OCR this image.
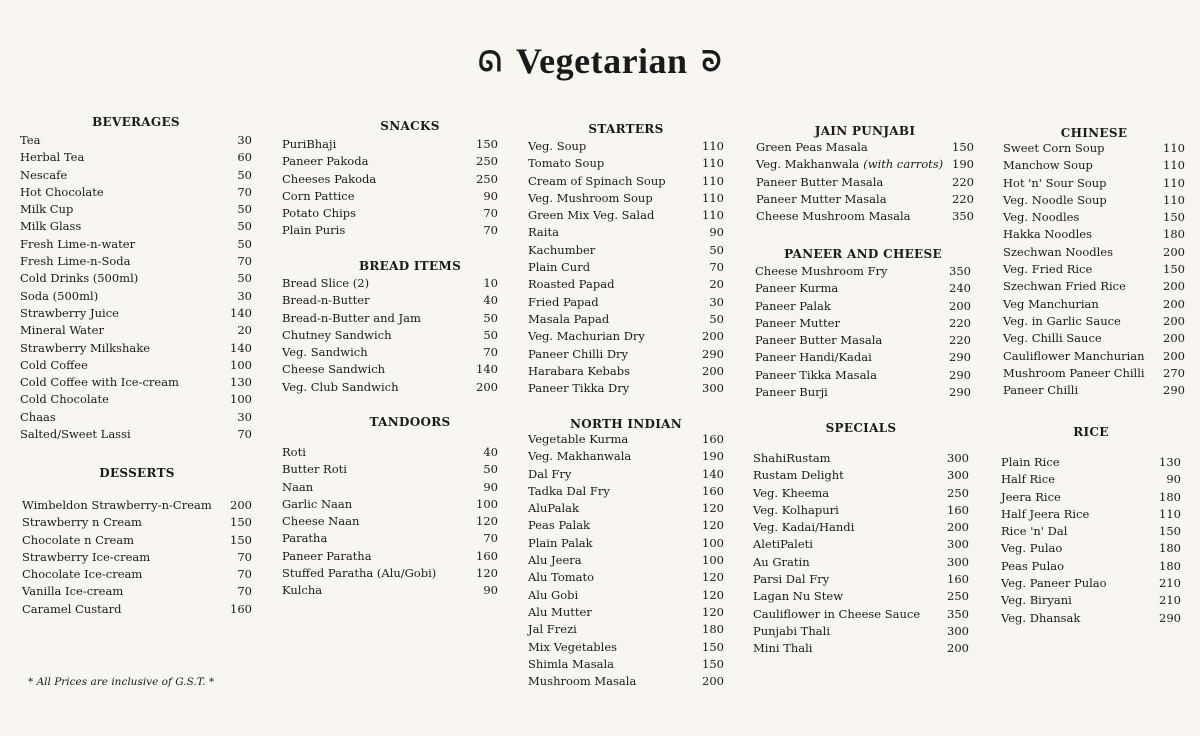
ᘏ Vegetarian ᘐ
BEVERAGES
Tea	30
Herbal Tea	60
Nescafe	50
Hot Chocolate	70
Milk Cup	50
Milk Glass	50
Fresh Lime-n-water	50
Fresh Lime-n-Soda	70
Cold Drinks (500ml)	50
Soda (500ml)	30
Strawberry Juice	140
Mineral Water	20
Strawberry Milkshake	140
Cold Coffee	100
Cold Coffee with Ice-cream	130
Cold Chocolate	100
Chaas	30
Salted/Sweet Lassi	70
DESSERTS
Wimbeldon Strawberry-n-Cream	200
Strawberry n Cream	150
Chocolate n Cream	150
Strawberry Ice-cream	70
Chocolate Ice-cream	70
Vanilla Ice-cream	70
Caramel Custard	160
SNACKS
PuriBhaji	150
Paneer Pakoda	250
Cheeses Pakoda	250
Corn Pattice	90
Potato Chips	70
Plain Puris	70
BREAD ITEMS
Bread Slice (2)	10
Bread-n-Butter	40
Bread-n-Butter and Jam	50
Chutney Sandwich	50
Veg. Sandwich	70
Cheese Sandwich	140
Veg. Club Sandwich	200
TANDOORS
Roti	40
Butter Roti	50
Naan	90
Garlic Naan	100
Cheese Naan	120
Paratha	70
Paneer Paratha	160
Stuffed Paratha (Alu/Gobi)	120
Kulcha	90
STARTERS
Veg. Soup	110
Tomato Soup	110
Cream of Spinach Soup	110
Veg. Mushroom Soup	110
Green Mix Veg. Salad	110
Raita	90
Kachumber	50
Plain Curd	70
Roasted Papad	20
Fried Papad	30
Masala Papad	50
Veg. Machurian Dry	200
Paneer Chilli Dry	290
Harabara Kebabs	200
Paneer Tikka Dry	300
NORTH INDIAN
Vegetable Kurma	160
Veg. Makhanwala	190
Dal Fry	140
Tadka Dal Fry	160
AluPalak	120
Peas Palak	120
Plain Palak	100
Alu Jeera	100
Alu Tomato	120
Alu Gobi	120
Alu Mutter	120
Jal Frezi	180
Mix Vegetables	150
Shimla Masala	150
Mushroom Masala	200
JAIN PUNJABI
Green Peas Masala	150
Veg. Makhanwala (with carrots) 190
Paneer Butter Masala	220
Paneer Mutter Masala	220
Cheese Mushroom Masala	350
PANEER AND CHEESE
Cheese Mushroom Fry	350
Paneer Kurma	240
Paneer Palak	200
Paneer Mutter	220
Paneer Butter Masala	220
Paneer Handi/Kadai	290
Paneer Tikka Masala	290
Paneer Burji	290
SPECIALS
ShahiRustam	300
Rustam Delight	300
Veg. Kheema	250
Veg. Kolhapuri	160
Veg. Kadai/Handi	200
AletiPaleti	300
Au Gratin	300
Parsi Dal Fry	160
Lagan Nu Stew	250
Cauliflower in Cheese Sauce	350
Punjabi Thali	300
Mini Thali	200
CHINESE
Sweet Corn Soup	110
Manchow Soup	110
Hot 'n' Sour Soup	110
Veg. Noodle Soup	110
Veg. Noodles	150
Hakka Noodles	180
Szechwan Noodles	200
Veg. Fried Rice	150
Szechwan Fried Rice	200
Veg Manchurian	200
Veg. in Garlic Sauce	200
Veg. Chilli Sauce	200
Cauliflower Manchurian	200
Mushroom Paneer Chilli	270
Paneer Chilli	290
RICE
Plain Rice	130
Half Rice	90
Jeera Rice	180
Half Jeera Rice	110
Rice 'n' Dal	150
Veg. Pulao	180
Peas Pulao	180
Veg. Paneer Pulao	210
Veg. Biryani	210
Veg. Dhansak	290
* All Prices are inclusive of G.S.T. *
